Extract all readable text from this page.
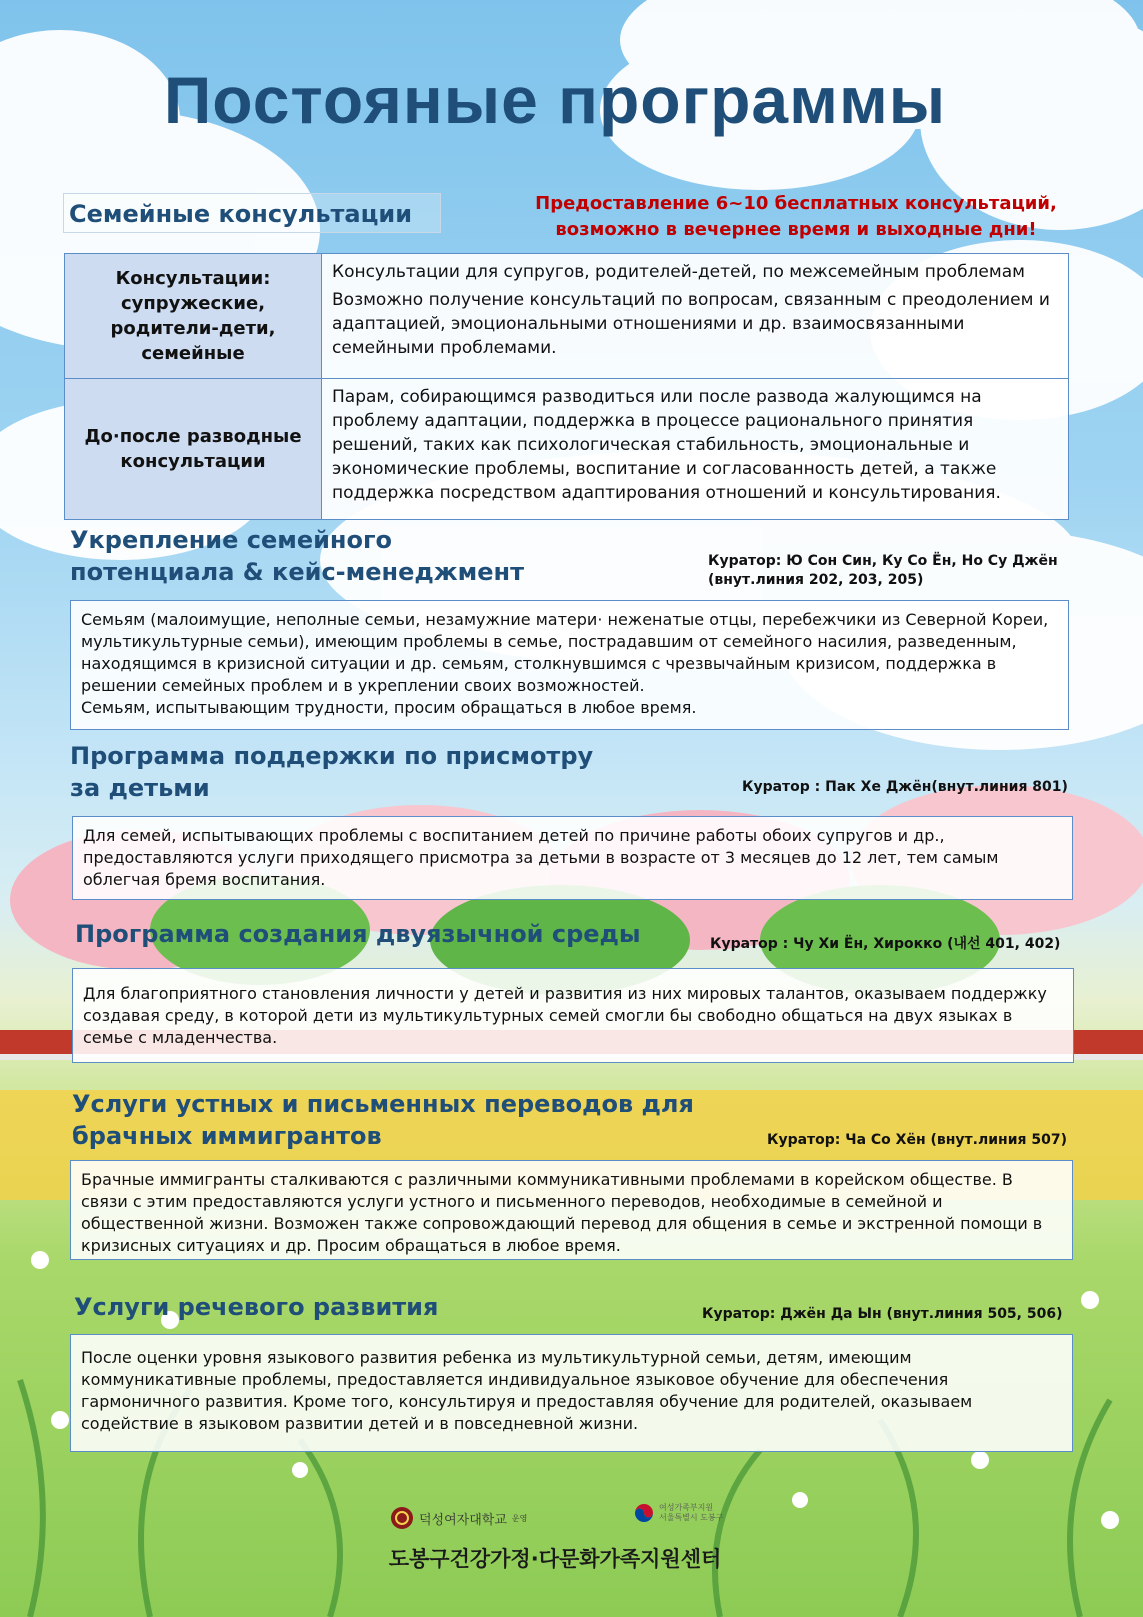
Постояные программы
Семейные консультации	Предоставление 6~10 бесплатных консультаций, возможно в вечернее время и выходные дни!
Консультации: супружеские, родители-дети, семейные	Консультации для супругов, родителей-детей, по межсемейным проблемам

Возможно получение консультаций по вопросам, связанным с преодолением и адаптацией, эмоциональными отношениями и др. взаимосвязанными семейными проблемами.

До·после разводные консультации	Парам, собирающимся разводиться или после развода жалующимся на проблему адаптации, поддержка в процессе рационального принятия решений, таких как психологическая стабильность, эмоциональные и экономические проблемы, воспитание и согласованность детей, а также поддержка посредством адаптирования отношений и консультирования.

Укрепление семейного
потенциала & кейс-менеджмент	Куратор: Ю Сон Син, Ку Со Ён, Но Су Джён
(внут.линия 202, 203, 205)

Семьям (малоимущие, неполные семьи, незамужние матери· неженатые отцы, перебежчики из Северной Кореи, мультикультурные семьи), имеющим проблемы в семье, пострадавшим от семейного насилия, разведенным, находящимся в кризисной ситуации и др. семьям, столкнувшимся с чрезвычайным кризисом, поддержка в решении семейных проблем и в укреплении своих возможностей.

Семьям, испытывающим трудности, просим обращаться в любое время.

Программа поддержки по присмотру
за детьми	Куратор : Пак Хе Джён(внут.линия 801)
Для семей, испытывающих проблемы с воспитанием детей по причине работы обоих супругов и др., предоставляются услуги приходящего присмотра за детьми в возрасте от 3 месяцев до 12 лет, тем самым облегчая бремя воспитания.
Программа создания двуязычной среды	Куратор : Чу Хи Ён, Хирокко (내선 401, 402)
Для благоприятного становления личности у детей и развития из них мировых талантов, оказываем поддержку создавая среду, в которой дети из мультикультурных семей смогли бы свободно общаться на двух языках в семье с младенчества.
Услуги устных и письменных переводов для
брачных иммигрантов	Куратор: Ча Со Хён (внут.линия 507)
Брачные иммигранты сталкиваются с различными коммуникативными проблемами в корейском обществе. В связи с этим предоставляются услуги устного и письменного переводов, необходимые в семейной и общественной жизни. Возможен также сопровождающий перевод для общения в семье и экстренной помощи в кризисных ситуациях и др. Просим обращаться в любое время.
Услуги речевого развития	Куратор: Джён Да Ын (внут.линия 505, 506)
После оценки уровня языкового развития ребенка из мультикультурной семьи, детям, имеющим коммуникативные проблемы, предоставляется индивидуальное языковое обучение для обеспечения гармоничного развития. Кроме того, консультируя и предоставляя обучение для родителей, оказываем содействие в языковом развитии детей и в повседневной жизни.
덕성여자대학교 운영
여성가족부지원
서울특별시 도봉구
도봉구건강가정·다문화가족지원센터
